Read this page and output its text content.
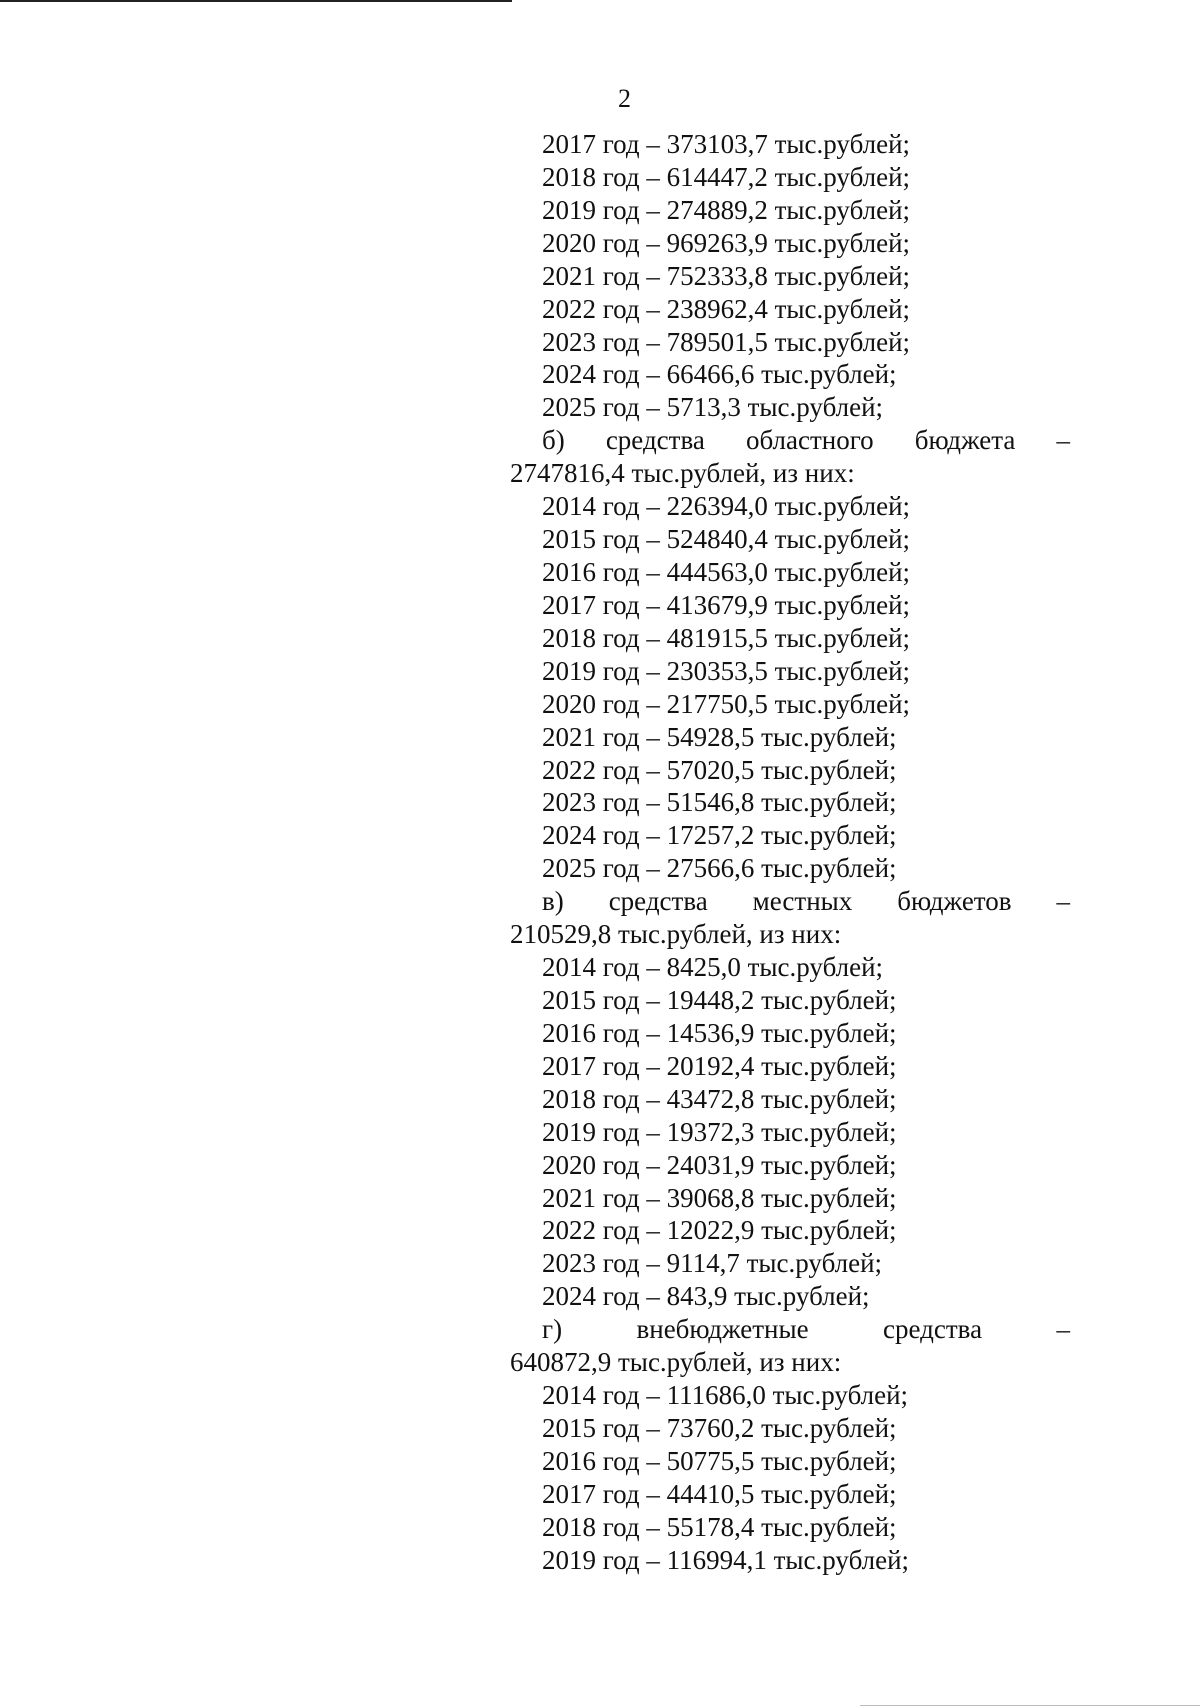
2
2017 год – 373103,7 тыс.рублей;
2018 год – 614447,2 тыс.рублей;
2019 год – 274889,2 тыс.рублей;
2020 год – 969263,9 тыс.рублей;
2021 год – 752333,8 тыс.рублей;
2022 год – 238962,4 тыс.рублей;
2023 год – 789501,5 тыс.рублей;
2024 год – 66466,6 тыс.рублей;
2025 год – 5713,3 тыс.рублей;
б) средства областного бюджета –
2747816,4 тыс.рублей, из них:
2014 год – 226394,0 тыс.рублей;
2015 год – 524840,4 тыс.рублей;
2016 год – 444563,0 тыс.рублей;
2017 год – 413679,9 тыс.рублей;
2018 год – 481915,5 тыс.рублей;
2019 год – 230353,5 тыс.рублей;
2020 год – 217750,5 тыс.рублей;
2021 год – 54928,5 тыс.рублей;
2022 год – 57020,5 тыс.рублей;
2023 год – 51546,8 тыс.рублей;
2024 год – 17257,2 тыс.рублей;
2025 год – 27566,6 тыс.рублей;
в) средства местных бюджетов –
210529,8 тыс.рублей, из них:
2014 год – 8425,0 тыс.рублей;
2015 год – 19448,2 тыс.рублей;
2016 год – 14536,9 тыс.рублей;
2017 год – 20192,4 тыс.рублей;
2018 год – 43472,8 тыс.рублей;
2019 год – 19372,3 тыс.рублей;
2020 год – 24031,9 тыс.рублей;
2021 год – 39068,8 тыс.рублей;
2022 год – 12022,9 тыс.рублей;
2023 год – 9114,7 тыс.рублей;
2024 год – 843,9 тыс.рублей;
г)	внебюджетные	средства	–
640872,9 тыс.рублей, из них:
2014 год – 111686,0 тыс.рублей;
2015 год – 73760,2 тыс.рублей;
2016 год – 50775,5 тыс.рублей;
2017 год – 44410,5 тыс.рублей;
2018 год – 55178,4 тыс.рублей;
2019 год – 116994,1 тыс.рублей;
